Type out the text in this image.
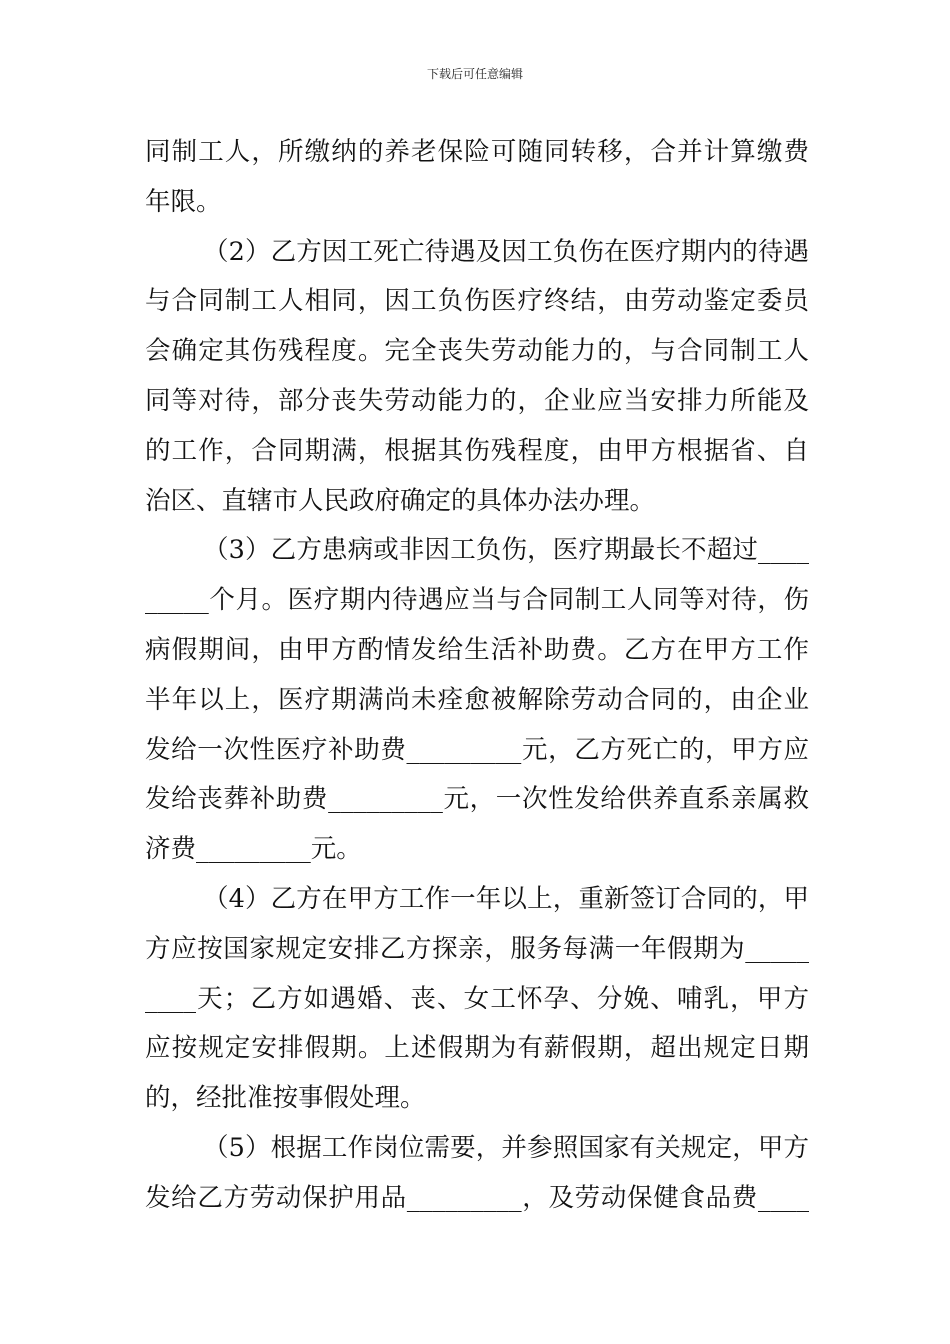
下载后可任意编辑
同制工人，所缴纳的养老保险可随同转移，合并计算缴费
年限。
（2）乙方因工死亡待遇及因工负伤在医疗期内的待遇
与合同制工人相同，因工负伤医疗终结，由劳动鉴定委员
会确定其伤残程度。完全丧失劳动能力的，与合同制工人
同等对待，部分丧失劳动能力的，企业应当安排力所能及
的工作，合同期满，根据其伤残程度，由甲方根据省、自
治区、直辖市人民政府确定的具体办法办理。
（3）乙方患病或非因工负伤，医疗期最长不超过____
_____个月。医疗期内待遇应当与合同制工人同等对待，伤
病假期间，由甲方酌情发给生活补助费。乙方在甲方工作
半年以上，医疗期满尚未痊愈被解除劳动合同的，由企业
发给一次性医疗补助费_________元，乙方死亡的，甲方应
发给丧葬补助费_________元，一次性发给供养直系亲属救
济费_________元。
（4）乙方在甲方工作一年以上，重新签订合同的，甲
方应按国家规定安排乙方探亲，服务每满一年假期为_____
____天；乙方如遇婚、丧、女工怀孕、分娩、哺乳，甲方
应按规定安排假期。上述假期为有薪假期，超出规定日期
的，经批准按事假处理。
（5）根据工作岗位需要，并参照国家有关规定，甲方
发给乙方劳动保护用品_________，及劳动保健食品费____
